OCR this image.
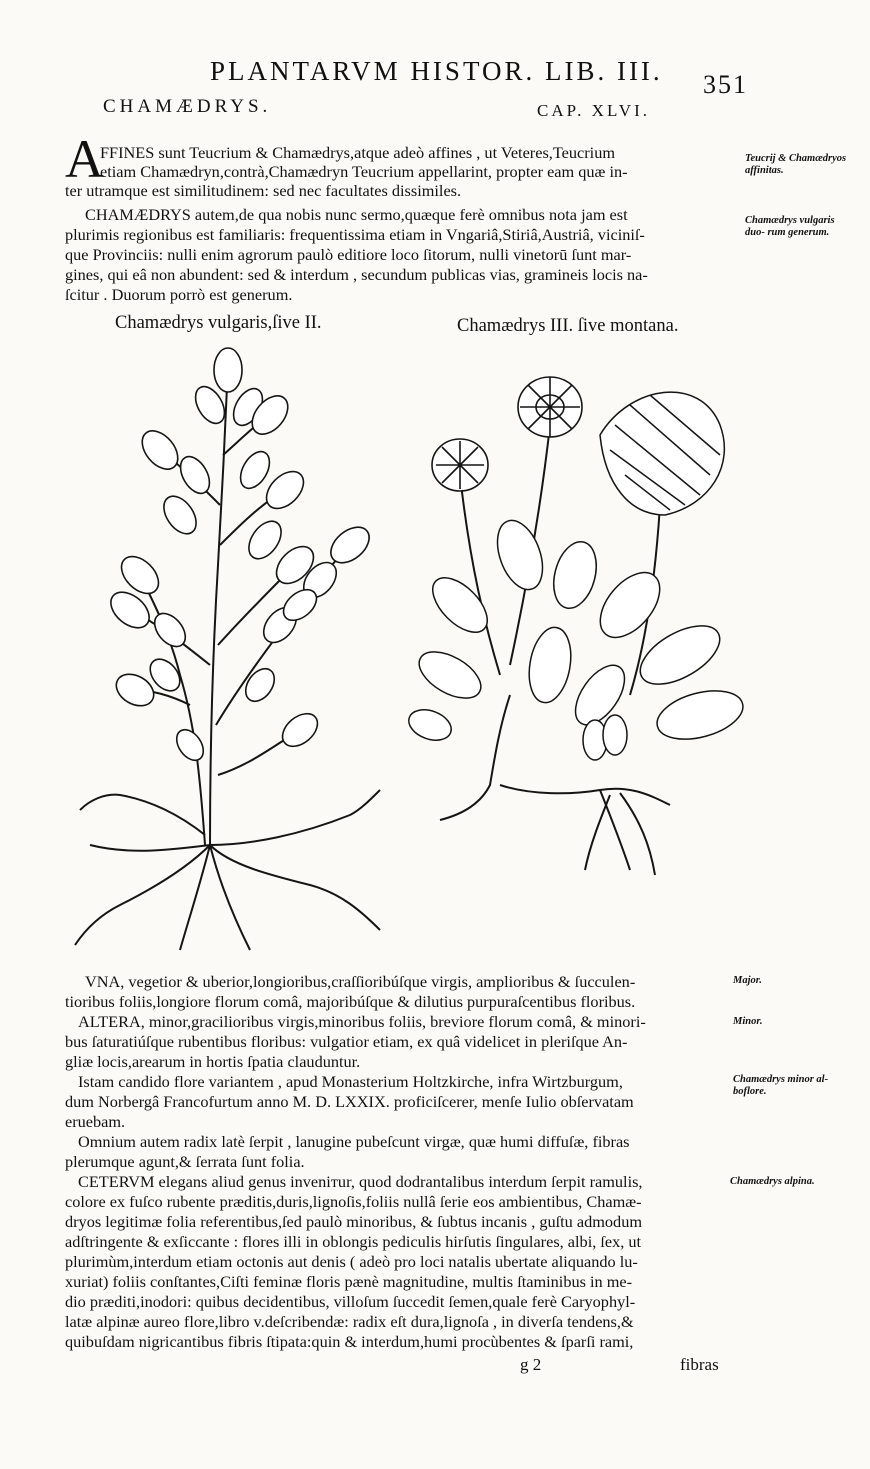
PLANTARVM HISTOR. LIB. III. 351
CHAMÆDRYS.	CAP. XLVI.
A
FFINES sunt Teucrium & Chamædrys,atque adeò affines , ut Veteres,Teucrium
etiam Chamædryn,contrà,Chamædryn Teucrium appellarint, propter eam quæ in-
ter utramque est similitudinem: sed nec facultates dissimiles.
CHAMÆDRYS autem,de qua nobis nunc sermo,quæque ferè omnibus nota jam est
plurimis regionibus est familiaris: frequentissima etiam in Vngariâ,Stiriâ,Austriâ, viciniſ-
que Provinciis: nulli enim agrorum paulò editiore loco ſitorum, nulli vinetorū ſunt mar-
gines, qui eâ non abundent: sed & interdum , secundum publicas vias, gramineis locis na-
ſcitur . Duorum porrò est generum.
Teucrij & Chamædryos affinitas.
Chamædrys vulgaris duo- rum generum.
Chamædrys vulgaris,ſive II.	Chamædrys III. ſive montana.
VNA, vegetior & uberior,longioribus,craſſioribúſque virgis, amplioribus & ſucculen-
tioribus foliis,longiore florum comâ, majoribúſque & dilutius purpuraſcentibus floribus.
ALTERA, minor,gracilioribus virgis,minoribus foliis, breviore florum comâ, & minori-
bus ſaturatiúſque rubentibus floribus: vulgatior etiam, ex quâ videlicet in pleriſque An-
gliæ locis,arearum in hortis ſpatia clauduntur.
Istam candido flore variantem , apud Monasterium Holtzkirche, infra Wirtzburgum,
dum Norbergâ Francofurtum anno M. D. LXXIX. proficiſcerer, menſe Iulio obſervatam
eruebam.
Omnium autem radix latè ſerpit , lanugine pubeſcunt virgæ, quæ humi diffuſæ, fibras
plerumque agunt,& ſerrata ſunt folia.
CETERVM elegans aliud genus inveniтur, quod dodrantalibus interdum ſerpit ramulis,
colore ex fuſco rubente præditis,duris,lignoſis,foliis nullâ ſerie eos ambientibus, Chamæ-
dryos legitimæ folia referentibus,ſed paulò minoribus, & ſubtus incanis , guſtu admodum
adſtringente & exſiccante : flores illi in oblongis pediculis hirſutis ſingulares, albi, ſex, ut
plurimùm,interdum etiam octonis aut denis ( adeò pro loci natalis ubertate aliquando lu-
xuriat) foliis conſtantes,Ciſti feminæ floris pænè magnitudine, multis ſtaminibus in me-
dio præditi,inodori: quibus decidentibus, villoſum ſuccedit ſemen,quale ferè Caryophyl-
latæ alpinæ aureo flore,libro v.deſcribendæ: radix eſt dura,lignoſa , in diverſa tendens,&
quibuſdam nigricantibus fibris ſtipata:quin & interdum,humi procùbentes & ſparſi rami,
Major.
Minor.
Chamædrys minor al- boflore.
Chamædrys alpina.
g 2	fibras
